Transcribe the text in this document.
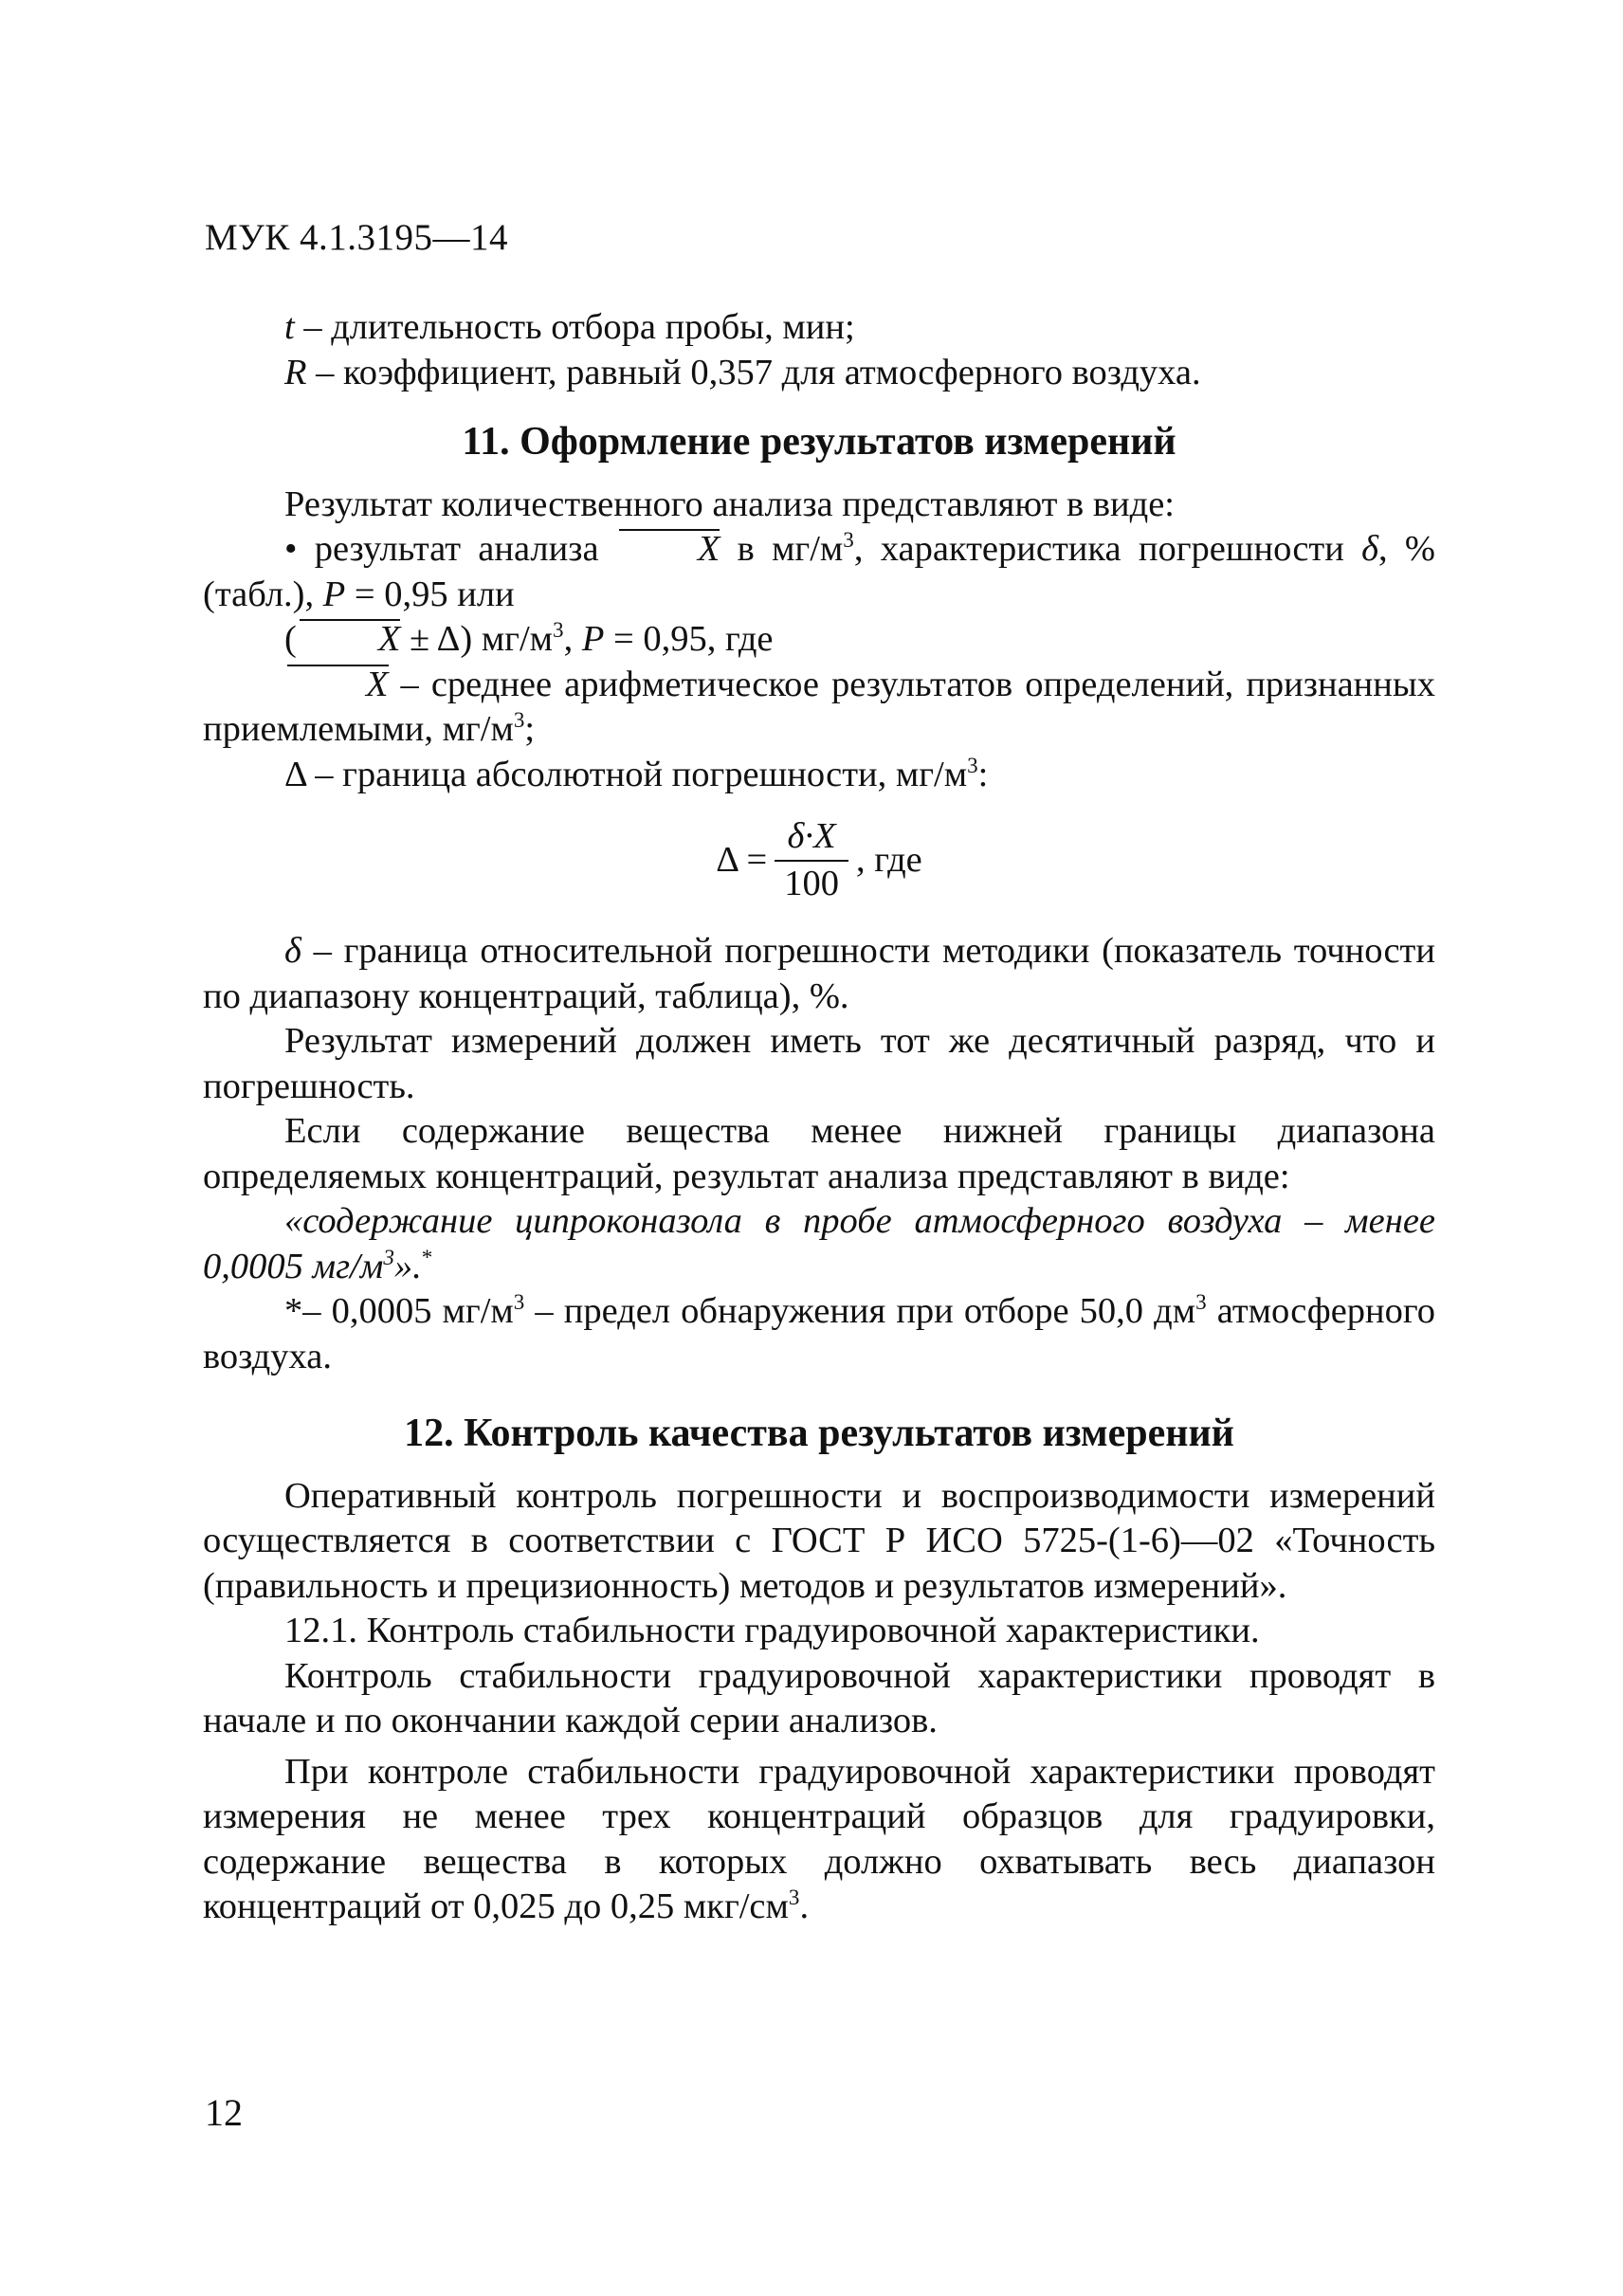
МУК 4.1.3195—14

t – длительность отбора пробы, мин;

R – коэффициент, равный 0,357 для атмосферного воздуха.

11. Оформление результатов измерений

Результат количественного анализа представляют в виде:

• результат анализа X в $мг/м^3$, характеристика погрешности δ, % (табл.), P = 0,95 или

( X ± Δ) $мг/м^3$, P = 0,95, где

X – среднее арифметическое результатов определений, признанных приемлемыми, $мг/м^3$;

Δ – граница абсолютной погрешности, $мг/м^3$:

$\Delta = \frac{\delta\cdot X}{100}$ , где

δ – граница относительной погрешности методики (показатель точности по диапазону концентраций, таблица), %.

Результат измерений должен иметь тот же десятичный разряд, что и погрешность.

Если содержание вещества менее нижней границы диапазона определяемых концентраций, результат анализа представляют в виде:

«содержание ципроконазола в пробе атмосферного воздуха – менее 0,0005 $мг/м^3».^*$

*– 0,0005 $мг/м^3$ – предел обнаружения при отборе 50,0 $дм^3$ атмосферного воздуха.

12. Контроль качества результатов измерений

Оперативный контроль погрешности и воспроизводимости измерений осуществляется в соответствии с ГОСТ Р ИСО 5725-(1-6)—02 «Точность (правильность и прецизионность) методов и результатов измерений».

12.1. Контроль стабильности градуировочной характеристики.

Контроль стабильности градуировочной характеристики проводят в начале и по окончании каждой серии анализов.

При контроле стабильности градуировочной характеристики проводят измерения не менее трех концентраций образцов для градуировки, содержание вещества в которых должно охватывать весь диапазон концентраций от 0,025 до 0,25 мкг/$см^3$.

12
